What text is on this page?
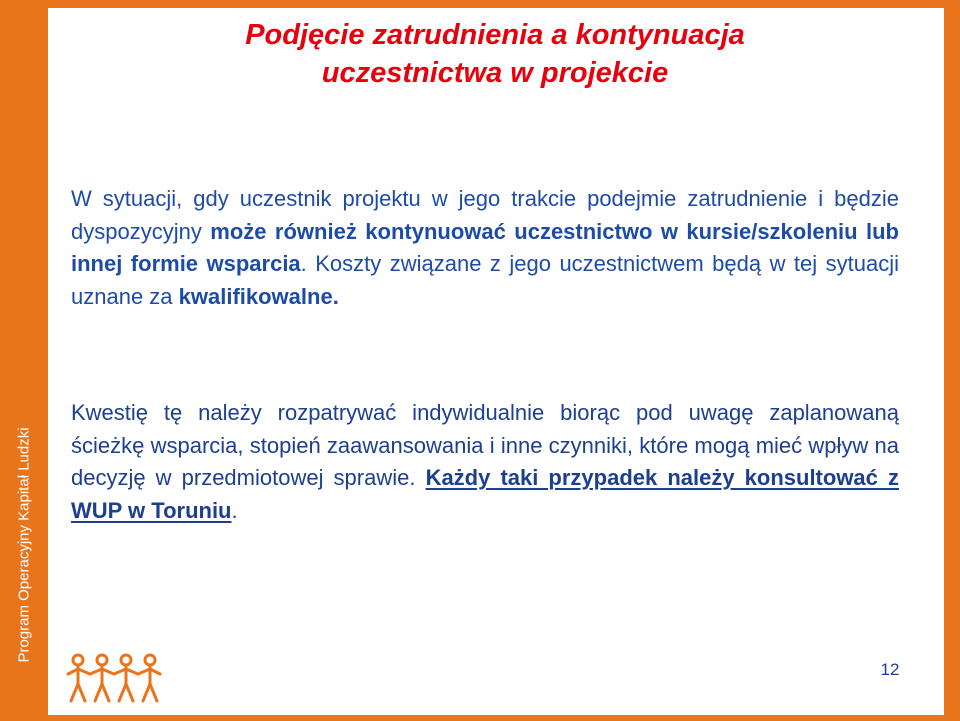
Program Operacyjny Kapitał Ludzki
Podjęcie zatrudnienia a kontynuacja
uczestnictwa w projekcie

W sytuacji, gdy uczestnik projektu w jego trakcie podejmie zatrudnienie i będzie dyspozycyjny może również kontynuować uczestnictwo w kursie/szkoleniu lub innej formie wsparcia. Koszty związane z jego uczestnictwem będą w tej sytuacji uznane za kwalifikowalne.

Kwestię tę należy rozpatrywać indywidualnie biorąc pod uwagę zaplanowaną ścieżkę wsparcia, stopień zaawansowania i inne czynniki, które mogą mieć wpływ na decyzję w przedmiotowej sprawie. Każdy taki przypadek należy konsultować z WUP w Toruniu.

12
